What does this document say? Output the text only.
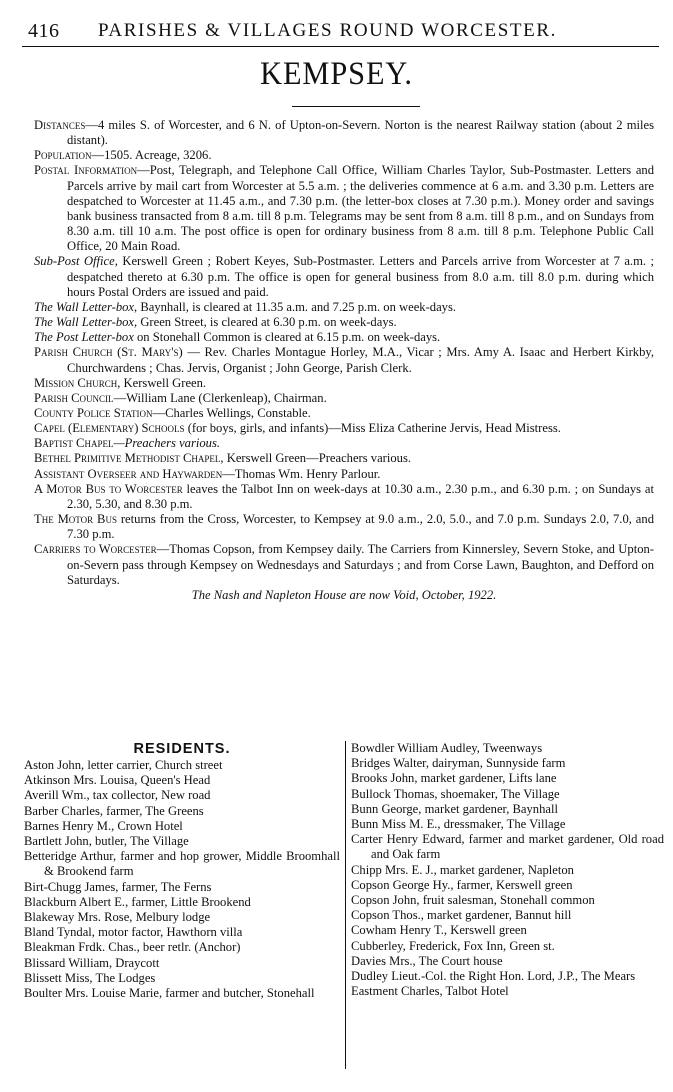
416 PARISHES & VILLAGES ROUND WORCESTER.
KEMPSEY.

Distances—4 miles S. of Worcester, and 6 N. of Upton-on-Severn. Norton is the nearest Railway station (about 2 miles distant).

Population—1505. Acreage, 3206.

Postal Information—Post, Telegraph, and Telephone Call Office, William Charles Taylor, Sub-Postmaster. Letters and Parcels arrive by mail cart from Worcester at 5.5 a.m. ; the deliveries commence at 6 a.m. and 3.30 p.m. Letters are despatched to Worcester at 11.45 a.m., and 7.30 p.m. (the letter-box closes at 7.30 p.m.). Money order and savings bank business transacted from 8 a.m. till 8 p.m. Telegrams may be sent from 8 a.m. till 8 p.m., and on Sundays from 8.30 a.m. till 10 a.m. The post office is open for ordinary business from 8 a.m. till 8 p.m. Telephone Public Call Office, 20 Main Road.

Sub-Post Office, Kerswell Green ; Robert Keyes, Sub-Postmaster. Letters and Parcels arrive from Worcester at 7 a.m. ; despatched thereto at 6.30 p.m. The office is open for general business from 8.0 a.m. till 8.0 p.m. during which hours Postal Orders are issued and paid.

The Wall Letter-box, Baynhall, is cleared at 11.35 a.m. and 7.25 p.m. on week-days.

The Wall Letter-box, Green Street, is cleared at 6.30 p.m. on week-days.

The Post Letter-box on Stonehall Common is cleared at 6.15 p.m. on week-days.

Parish Church (St. Mary's) — Rev. Charles Montague Horley, M.A., Vicar ; Mrs. Amy A. Isaac and Herbert Kirkby, Churchwardens ; Chas. Jervis, Organist ; John George, Parish Clerk.

Mission Church, Kerswell Green.

Parish Council—William Lane (Clerkenleap), Chairman.

County Police Station—Charles Wellings, Constable.

Capel (Elementary) Schools (for boys, girls, and infants)—Miss Eliza Catherine Jervis, Head Mistress.

Baptist Chapel—Preachers various.

Bethel Primitive Methodist Chapel, Kerswell Green—Preachers various.

Assistant Overseer and Haywarden—Thomas Wm. Henry Parlour.

A Motor Bus to Worcester leaves the Talbot Inn on week-days at 10.30 a.m., 2.30 p.m., and 6.30 p.m. ; on Sundays at 2.30, 5.30, and 8.30 p.m.

The Motor Bus returns from the Cross, Worcester, to Kempsey at 9.0 a.m., 2.0, 5.0., and 7.0 p.m. Sundays 2.0, 7.0, and 7.30 p.m.

Carriers to Worcester—Thomas Copson, from Kempsey daily. The Carriers from Kinnersley, Severn Stoke, and Upton-on-Severn pass through Kempsey on Wednesdays and Saturdays ; and from Corse Lawn, Baughton, and Defford on Saturdays.

The Nash and Napleton House are now Void, October, 1922.

RESIDENTS.

Aston John, letter carrier, Church street

Atkinson Mrs. Louisa, Queen's Head

Averill Wm., tax collector, New road

Barber Charles, farmer, The Greens

Barnes Henry M., Crown Hotel

Bartlett John, butler, The Village

Betteridge Arthur, farmer and hop grower, Middle Broomhall & Brookend farm

Birt-Chugg James, farmer, The Ferns

Blackburn Albert E., farmer, Little Brookend

Blakeway Mrs. Rose, Melbury lodge

Bland Tyndal, motor factor, Hawthorn villa

Bleakman Frdk. Chas., beer retlr. (Anchor)

Blissard William, Draycott

Blissett Miss, The Lodges

Boulter Mrs. Louise Marie, farmer and butcher, Stonehall

Bowdler William Audley, Tweenways

Bridges Walter, dairyman, Sunnyside farm

Brooks John, market gardener, Lifts lane

Bullock Thomas, shoemaker, The Village

Bunn George, market gardener, Baynhall

Bunn Miss M. E., dressmaker, The Village

Carter Henry Edward, farmer and market gardener, Old road and Oak farm

Chipp Mrs. E. J., market gardener, Napleton

Copson George Hy., farmer, Kerswell green

Copson John, fruit salesman, Stonehall common

Copson Thos., market gardener, Bannut hill

Cowham Henry T., Kerswell green

Cubberley, Frederick, Fox Inn, Green st.

Davies Mrs., The Court house

Dudley Lieut.-Col. the Right Hon. Lord, J.P., The Mears

Eastment Charles, Talbot Hotel
